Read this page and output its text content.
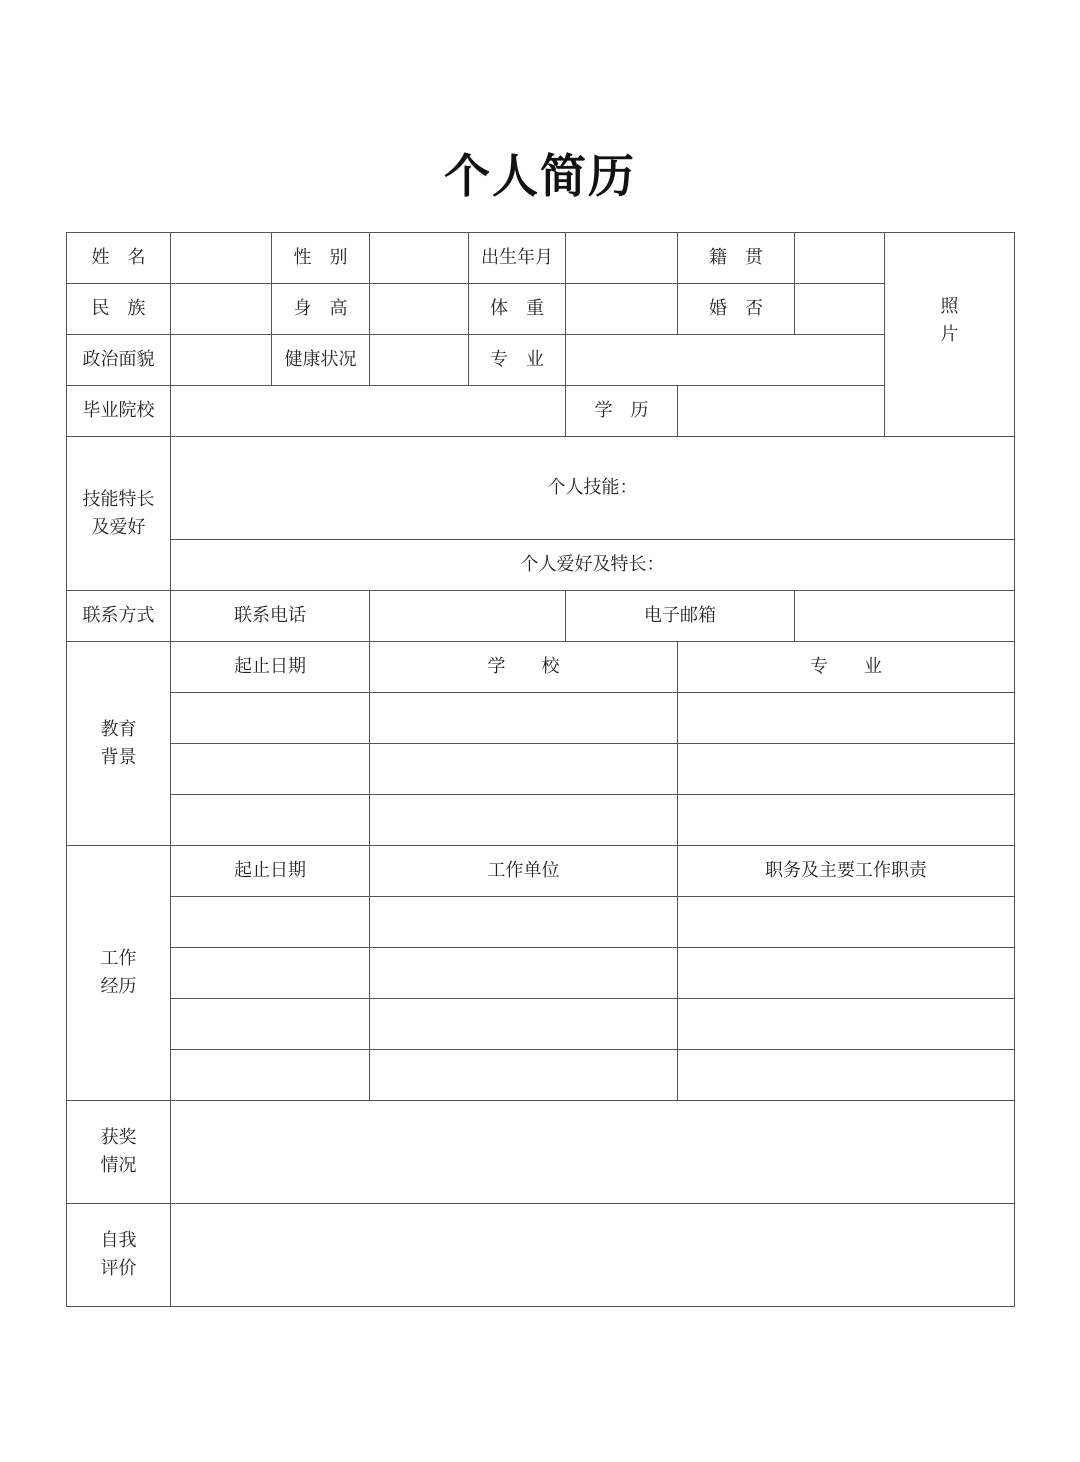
个人简历
姓　名		性　别		出生年月		籍　贯		照
片

民　族		身　高		体　重		婚　否		
政治面貌		健康状况		专　业				
毕业院校					学　历			

技能特长
及爱好	个人技能：							
	个人爱好及特长：							
联系方式	联系电话				电子邮箱			

教育
背景	起止日期		学　　校			专　　业		

工作
经历	起止日期		工作单位			职务及主要工作职责		

获奖
情况								

自我
评价								
